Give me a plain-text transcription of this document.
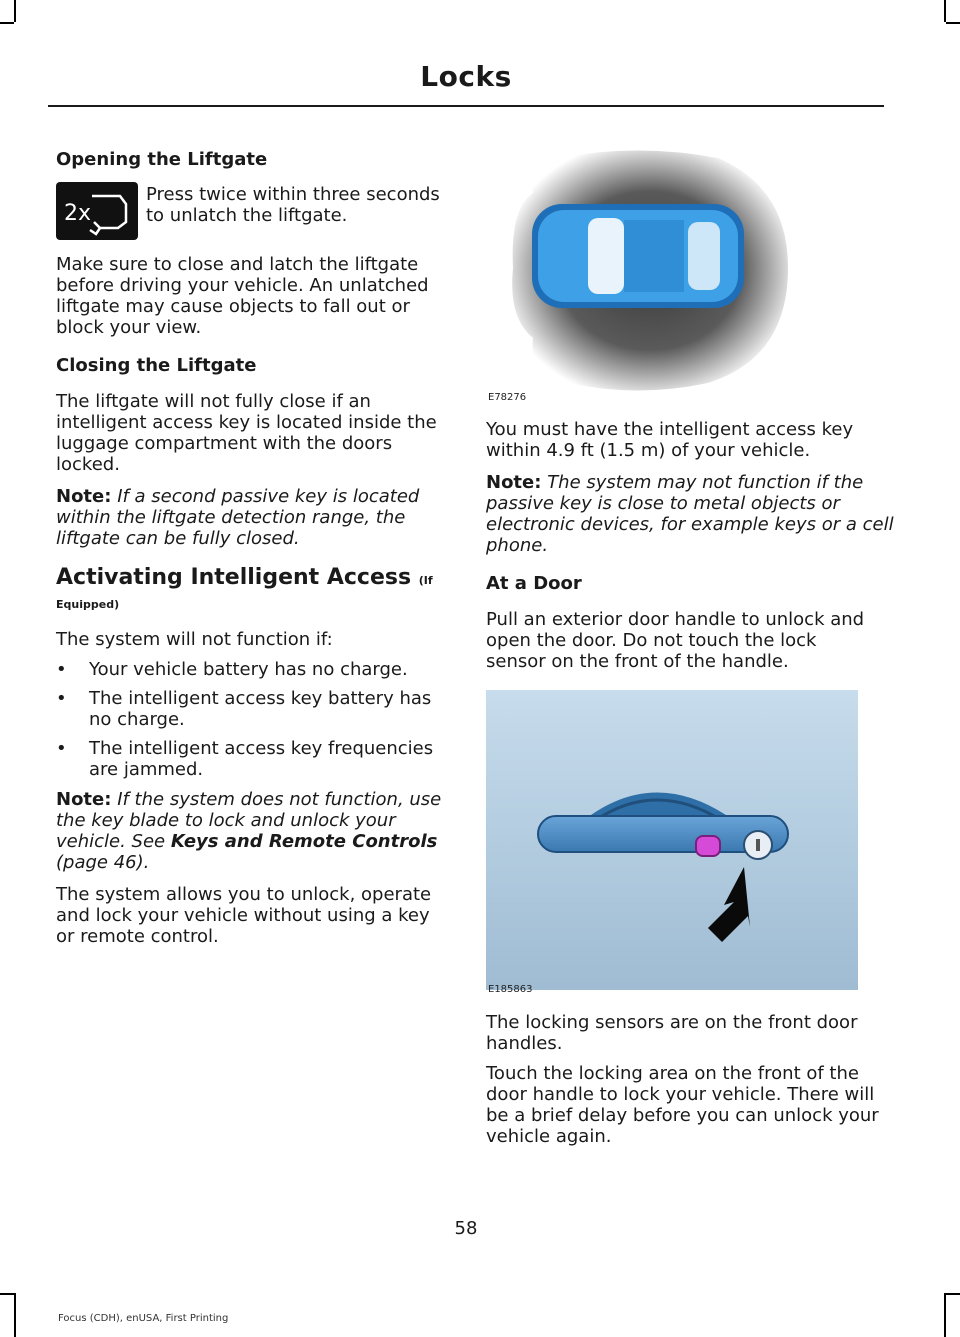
Locks
Opening the Liftgate
2x

Press twice within three seconds

to unlatch the liftgate.

Make sure to close and latch the liftgate

before driving your vehicle. An unlatched

liftgate may cause objects to fall out or

block your view.

Closing the Liftgate

The liftgate will not fully close if an

intelligent access key is located inside the

luggage compartment with the doors

locked.

Note: If a second passive key is located

within the liftgate detection range, the

liftgate can be fully closed.

Activating Intelligent Access (If
Equipped)

The system will not function if:

• Your vehicle battery has no charge.
• The intelligent access key battery has
no charge.
• The intelligent access key frequencies
are jammed.

Note: If the system does not function, use

the key blade to lock and unlock your

vehicle. See Keys and Remote Controls

(page 46).

The system allows you to unlock, operate

and lock your vehicle without using a key

or remote control.

E78276

You must have the intelligent access key

within 4.9 ft (1.5 m) of your vehicle.

Note: The system may not function if the

passive key is close to metal objects or

electronic devices, for example keys or a cell

phone.

At a Door

Pull an exterior door handle to unlock and

open the door. Do not touch the lock

sensor on the front of the handle.

E185863

The locking sensors are on the front door

handles.

Touch the locking area on the front of the

door handle to lock your vehicle. There will

be a brief delay before you can unlock your

vehicle again.

58
Focus (CDH), enUSA, First Printing
